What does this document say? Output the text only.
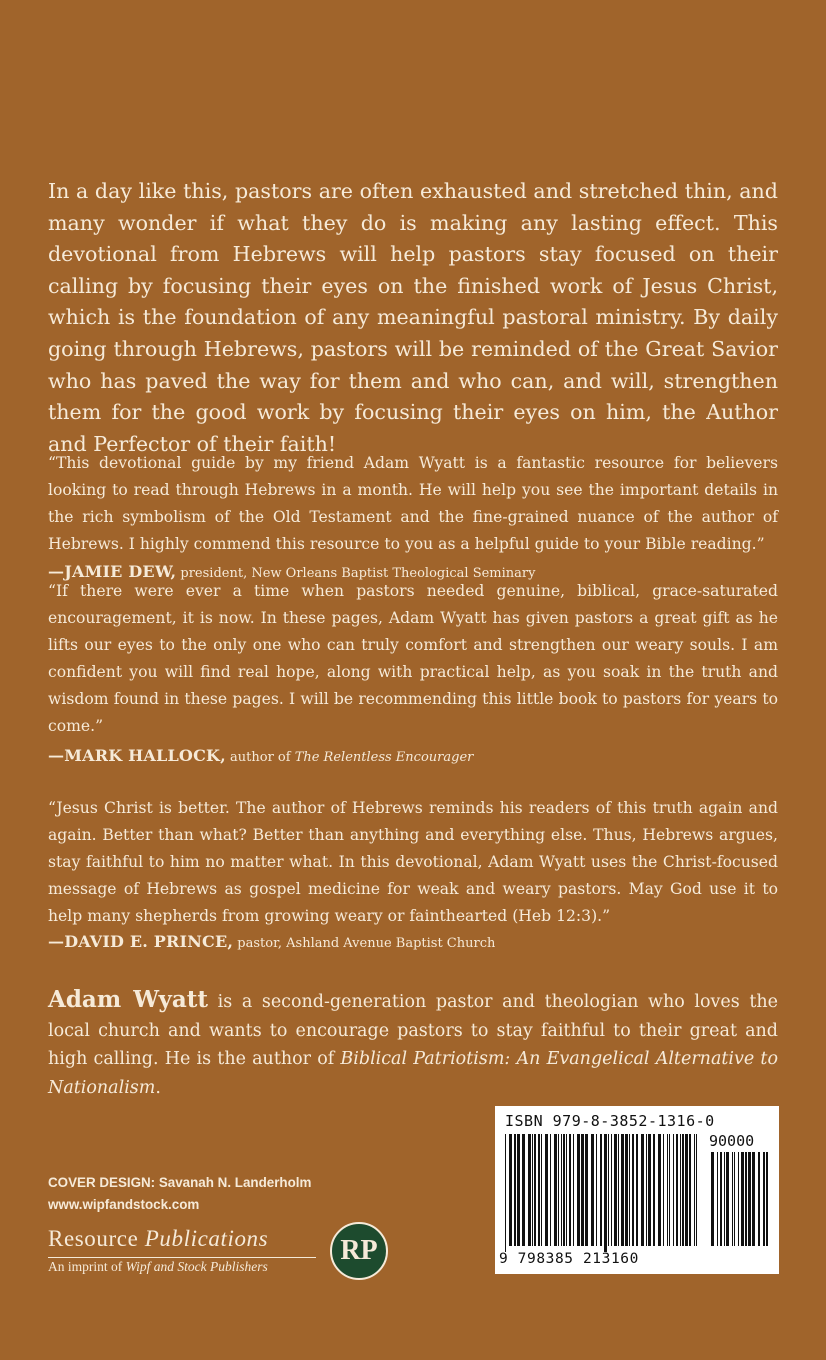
In a day like this, pastors are often exhausted and stretched thin, and many wonder if what they do is making any lasting effect. This devotional from Hebrews will help pastors stay focused on their calling by focusing their eyes on the finished work of Jesus Christ, which is the foundation of any meaningful pastoral ministry. By daily going through Hebrews, pastors will be reminded of the Great Savior who has paved the way for them and who can, and will, strengthen them for the good work by focusing their eyes on him, the Author and Perfector of their faith!
“This devotional guide by my friend Adam Wyatt is a fantastic resource for believers looking to read through Hebrews in a month. He will help you see the important details in the rich symbolism of the Old Testament and the fine-grained nuance of the author of Hebrews. I highly commend this resource to you as a helpful guide to your Bible reading.”
—JAMIE DEW, president, New Orleans Baptist Theological Seminary
“If there were ever a time when pastors needed genuine, biblical, grace-saturated encouragement, it is now. In these pages, Adam Wyatt has given pastors a great gift as he lifts our eyes to the only one who can truly comfort and strengthen our weary souls. I am confident you will find real hope, along with practical help, as you soak in the truth and wisdom found in these pages. I will be recommending this little book to pastors for years to come.”
—MARK HALLOCK, author of The Relentless Encourager
“Jesus Christ is better. The author of Hebrews reminds his readers of this truth again and again. Better than what? Better than anything and everything else. Thus, Hebrews argues, stay faithful to him no matter what. In this devotional, Adam Wyatt uses the Christ-focused message of Hebrews as gospel medicine for weak and weary pastors. May God use it to help many shepherds from growing weary or fainthearted (Heb 12:3).”
—DAVID E. PRINCE, pastor, Ashland Avenue Baptist Church
Adam Wyatt is a second-generation pastor and theologian who loves the local church and wants to encourage pastors to stay faithful to their great and high calling. He is the author of Biblical Patriotism: An Evangelical Alternative to Nationalism.
COVER DESIGN: Savanah N. Landerholm
www.wipfandstock.com
Resource Publications
An imprint of Wipf and Stock Publishers
RP
ISBN 979-8-3852-1316-0
90000
9 798385 213160
